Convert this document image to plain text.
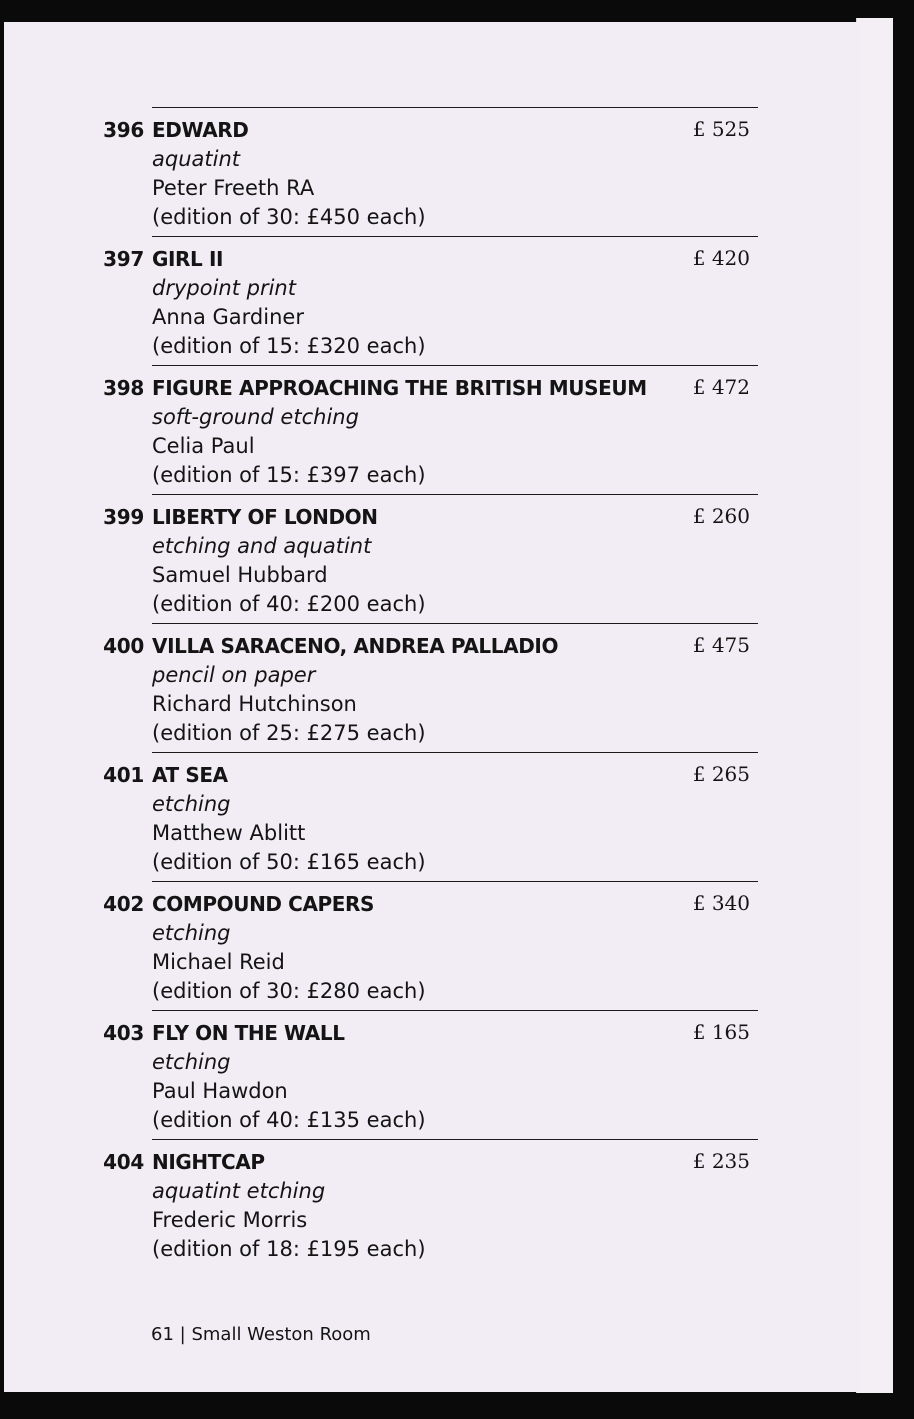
396 EDWARD
aquatint
Peter Freeth RA
(edition of 30: £450 each)
£ 525
397 GIRL II
drypoint print
Anna Gardiner
(edition of 15: £320 each)
£ 420
398 FIGURE APPROACHING THE BRITISH MUSEUM
soft-ground etching
Celia Paul
(edition of 15: £397 each)
£ 472
399 LIBERTY OF LONDON
etching and aquatint
Samuel Hubbard
(edition of 40: £200 each)
£ 260
400 VILLA SARACENO, ANDREA PALLADIO
pencil on paper
Richard Hutchinson
(edition of 25: £275 each)
£ 475
401 AT SEA
etching
Matthew Ablitt
(edition of 50: £165 each)
£ 265
402 COMPOUND CAPERS
etching
Michael Reid
(edition of 30: £280 each)
£ 340
403 FLY ON THE WALL
etching
Paul Hawdon
(edition of 40: £135 each)
£ 165
404 NIGHTCAP
aquatint etching
Frederic Morris
(edition of 18: £195 each)
£ 235
61 | Small Weston Room
